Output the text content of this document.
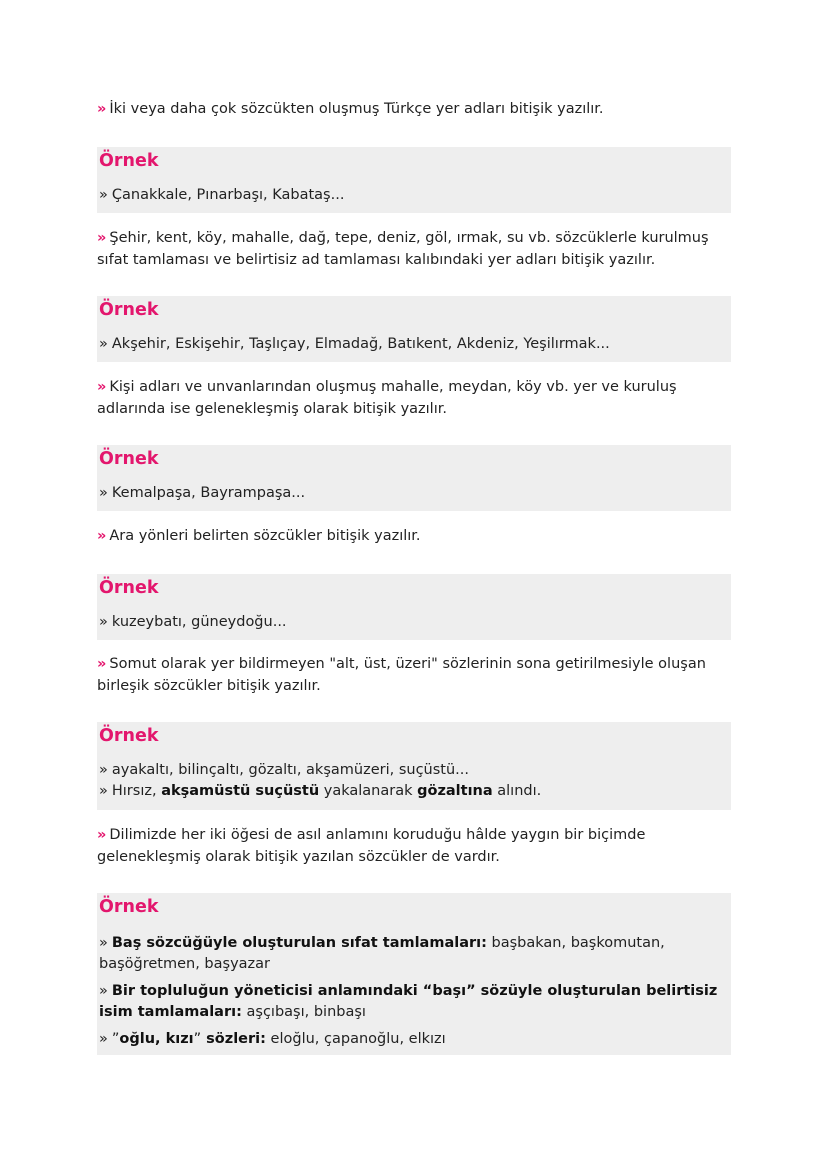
» İki veya daha çok sözcükten oluşmuş Türkçe yer adları bitişik yazılır.
Örnek
» Çanakkale, Pınarbaşı, Kabataş...
» Şehir, kent, köy, mahalle, dağ, tepe, deniz, göl, ırmak, su vb. sözcüklerle kurulmuş sıfat tamlaması ve belirtisiz ad tamlaması kalıbındaki yer adları bitişik yazılır.
Örnek
» Akşehir, Eskişehir, Taşlıçay, Elmadağ, Batıkent, Akdeniz, Yeşilırmak...
» Kişi adları ve unvanlarından oluşmuş mahalle, meydan, köy vb. yer ve kuruluş adlarında ise gelenekleşmiş olarak bitişik yazılır.
Örnek
» Kemalpaşa, Bayrampaşa...
» Ara yönleri belirten sözcükler bitişik yazılır.
Örnek
» kuzeybatı, güneydoğu...
» Somut olarak yer bildirmeyen "alt, üst, üzeri" sözlerinin sona getirilmesiyle oluşan birleşik sözcükler bitişik yazılır.
Örnek
» ayakaltı, bilinçaltı, gözaltı, akşamüzeri, suçüstü...
» Hırsız, akşamüstü suçüstü yakalanarak gözaltına alındı.
» Dilimizde her iki öğesi de asıl anlamını koruduğu hâlde yaygın bir biçimde gelenekleşmiş olarak bitişik yazılan sözcükler de vardır.
Örnek
» Baş sözcüğüyle oluşturulan sıfat tamlamaları: başbakan, başkomutan, başöğretmen, başyazar
» Bir topluluğun yöneticisi anlamındaki “başı” sözüyle oluşturulan belirtisiz isim tamlamaları: aşçıbaşı, binbaşı
» ”oğlu, kızı” sözleri: eloğlu, çapanoğlu, elkızı
